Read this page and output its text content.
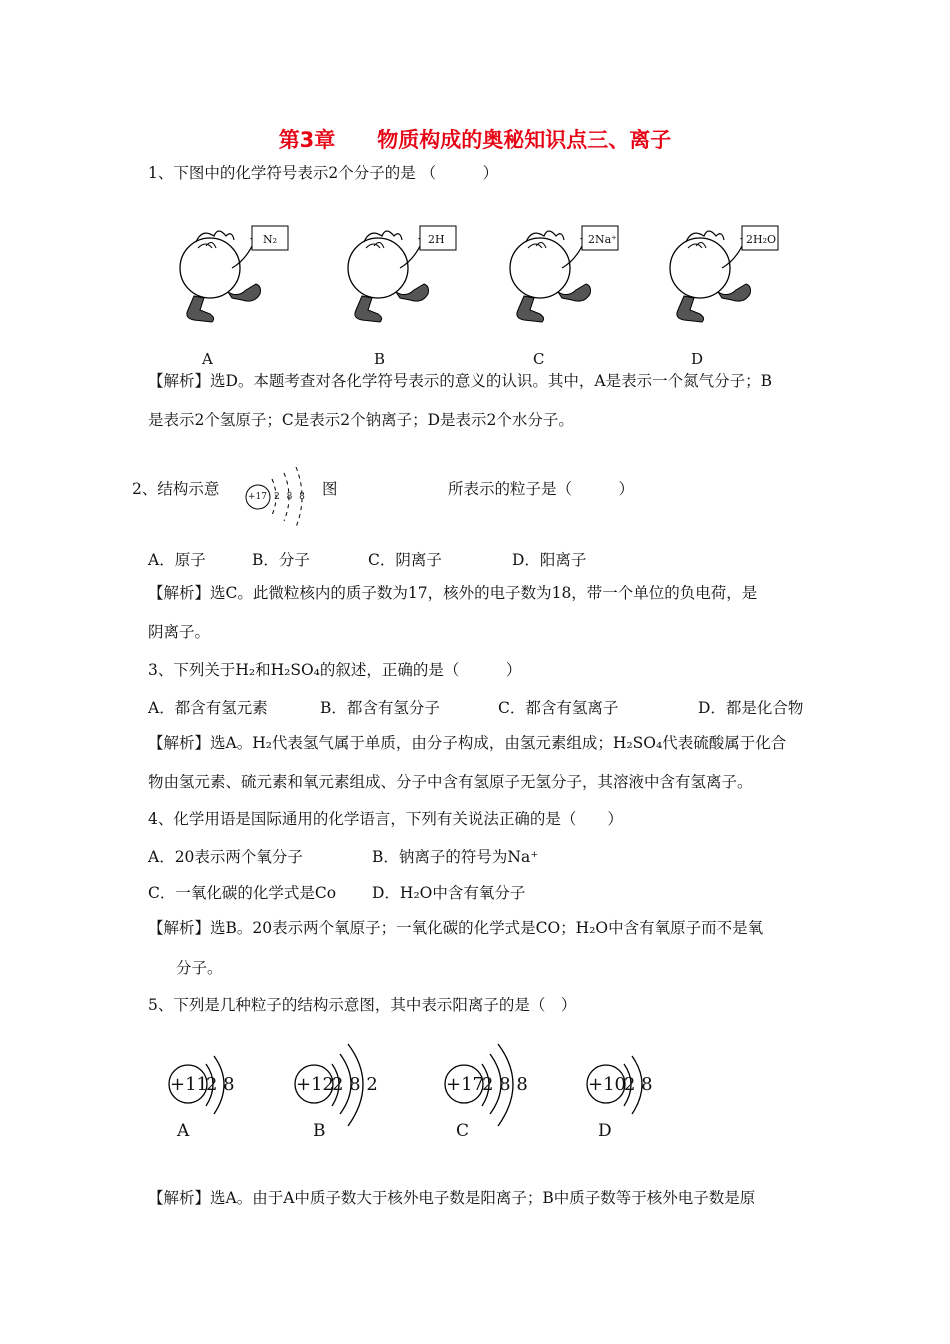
第3章　　物质构成的奥秘知识点三、离子
1、下图中的化学符号表示2个分子的是 （　　　）
N₂	2H	2Na⁺	2H₂O
A	B	C	D
【解析】选D。本题考查对各化学符号表示的意义的认识。其中，A是表示一个氮气分子；B
是表示2个氢原子；C是表示2个钠离子；D是表示2个水分子。
2、结构示意	+17 2 8 8 图	所表示的粒子是（　　　）
A．原子	B．分子	C．阴离子	D．阳离子
【解析】选C。此微粒核内的质子数为17，核外的电子数为18，带一个单位的负电荷，是
阴离子。
3、下列关于H₂和H₂SO₄的叙述，正确的是（　　　）
A．都含有氢元素	B．都含有氢分子	C．都含有氢离子	D．都是化合物
【解析】选A。H₂代表氢气属于单质，由分子构成，由氢元素组成；H₂SO₄代表硫酸属于化合
物由氢元素、硫元素和氧元素组成、分子中含有氢原子无氢分子，其溶液中含有氢离子。
4、化学用语是国际通用的化学语言，下列有关说法正确的是（　　）
A．20表示两个氧分子	B．钠离子的符号为Na⁺
C．一氧化碳的化学式是Co D．H₂O中含有氧分子
【解析】选B。20表示两个氧原子；一氧化碳的化学式是CO；H₂O中含有氧原子而不是氧
分子。
5、下列是几种粒子的结构示意图，其中表示阳离子的是（　）
+11
2 8
A
+12
2 8 2
B
+17
2 8 8
C
+10
2 8
D
【解析】选A。由于A中质子数大于核外电子数是阳离子；B中质子数等于核外电子数是原
